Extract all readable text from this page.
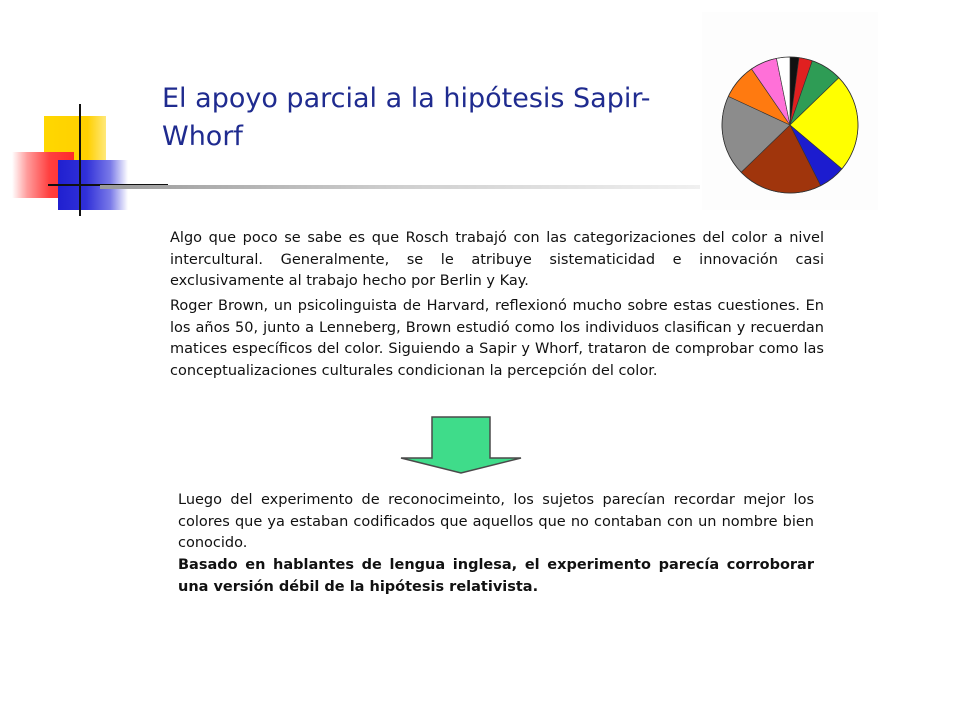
El apoyo parcial a la hipótesis Sapir-Whorf

Algo que poco se sabe es que Rosch trabajó con las categorizaciones del color a nivel intercultural. Generalmente, se le atribuye sistematicidad e innovación casi exclusivamente al trabajo hecho por Berlin y Kay.

Roger Brown, un psicolinguista de Harvard, reflexionó mucho sobre estas cuestiones. En los años 50, junto a Lenneberg, Brown estudió como los individuos clasifican y recuerdan matices específicos del color. Siguiendo a Sapir y Whorf, trataron de comprobar como las conceptualizaciones culturales condicionan la percepción del color.

Luego del experimento de reconocimeinto, los sujetos parecían recordar mejor los colores que ya estaban codificados que aquellos que no contaban con un nombre bien conocido.

Basado en hablantes de lengua inglesa, el experimento parecía corroborar una versión débil de la hipótesis relativista.
